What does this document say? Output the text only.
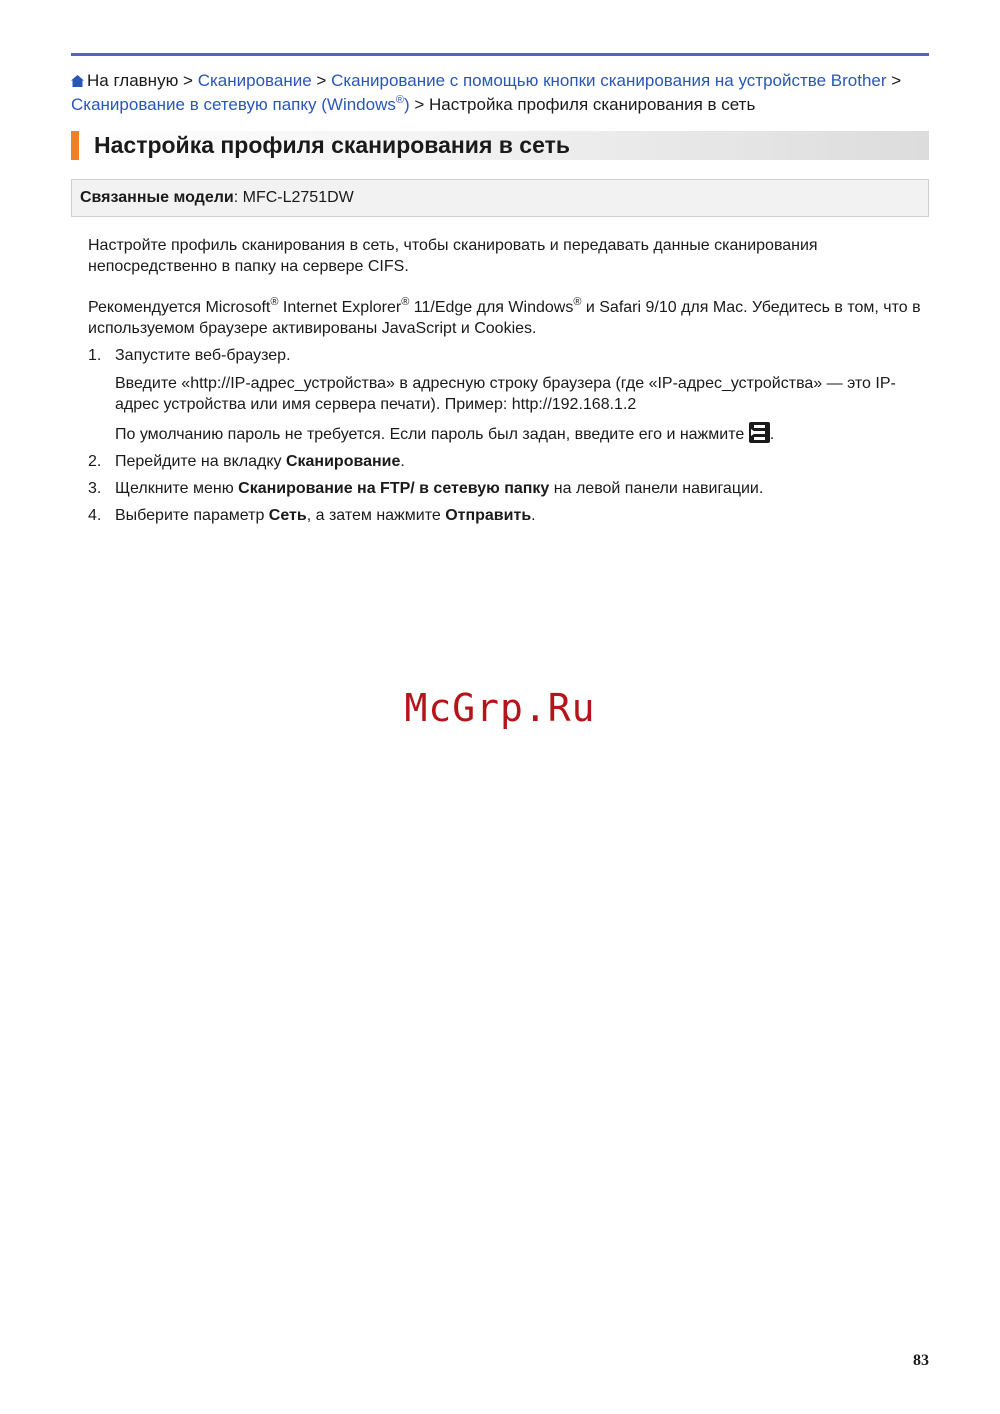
На главную > Сканирование > Сканирование с помощью кнопки сканирования на устройстве Brother > Сканирование в сетевую папку (Windows®) > Настройка профиля сканирования в сеть
Настройка профиля сканирования в сеть
Связанные модели: MFC-L2751DW

Настройте профиль сканирования в сеть, чтобы сканировать и передавать данные сканирования непосредственно в папку на сервере CIFS.

Рекомендуется Microsoft® Internet Explorer® 11/Edge для Windows® и Safari 9/10 для Mac. Убедитесь в том, что в используемом браузере активированы JavaScript и Cookies.

1. Запустите веб-браузер.
Введите «http://IP-адрес_устройства» в адресную строку браузера (где «IP-адрес_устройства» — это IP-адрес устройства или имя сервера печати). Пример: http://192.168.1.2
По умолчанию пароль не требуется. Если пароль был задан, введите его и нажмите .
2. Перейдите на вкладку Сканирование.
3. Щелкните меню Сканирование на FTP/ в сетевую папку на левой панели навигации.
4. Выберите параметр Сеть, а затем нажмите Отправить.
McGrp.Ru
83
